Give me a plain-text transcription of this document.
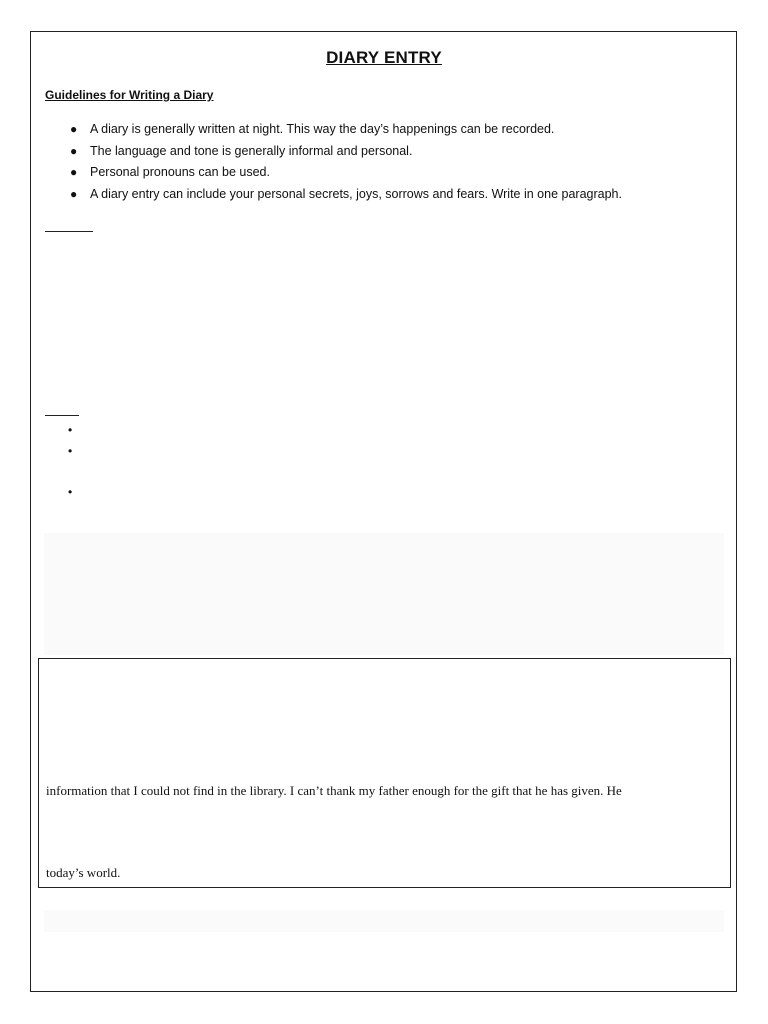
DIARY ENTRY
Guidelines for Writing a Diary
● A diary is generally written at night. This way the day’s happenings can be recorded.
● The language and tone is generally informal and personal.
● Personal pronouns can be used.
● A diary entry can include your personal secrets, joys, sorrows and fears. Write in one paragraph.
•
•
•

information that I could not find in the library. I can’t thank my father enough for the gift that he has given. He

today’s world.
